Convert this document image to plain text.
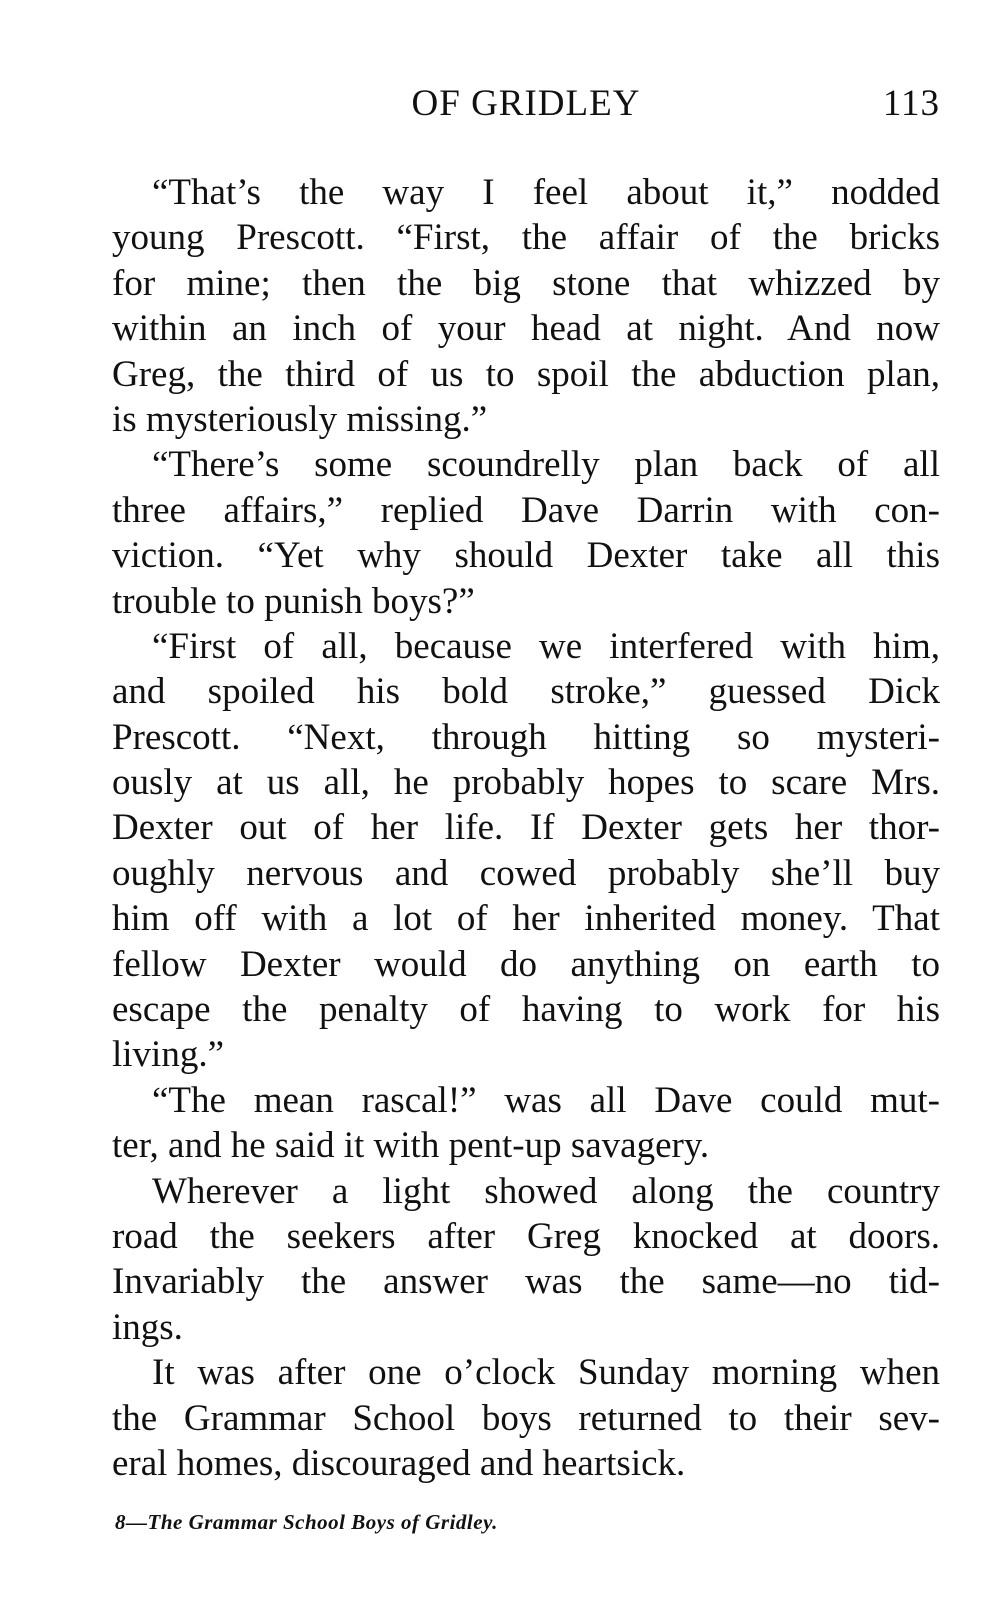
OF GRIDLEY	113
“That’s the way I feel about it,” nodded
young Prescott. “First, the affair of the bricks
for mine; then the big stone that whizzed by
within an inch of your head at night. And now
Greg, the third of us to spoil the abduction plan,
is mysteriously missing.”
“There’s some scoundrelly plan back of all
three affairs,” replied Dave Darrin with con-
viction. “Yet why should Dexter take all this
trouble to punish boys?”
“First of all, because we interfered with him,
and spoiled his bold stroke,” guessed Dick
Prescott. “Next, through hitting so mysteri-
ously at us all, he probably hopes to scare Mrs.
Dexter out of her life. If Dexter gets her thor-
oughly nervous and cowed probably she’ll buy
him off with a lot of her inherited money. That
fellow Dexter would do anything on earth to
escape the penalty of having to work for his
living.”
“The mean rascal!” was all Dave could mut-
ter, and he said it with pent-up savagery.
Wherever a light showed along the country
road the seekers after Greg knocked at doors.
Invariably the answer was the same—no tid-
ings.
It was after one o’clock Sunday morning when
the Grammar School boys returned to their sev-
eral homes, discouraged and heartsick.
8—The Grammar School Boys of Gridley.
